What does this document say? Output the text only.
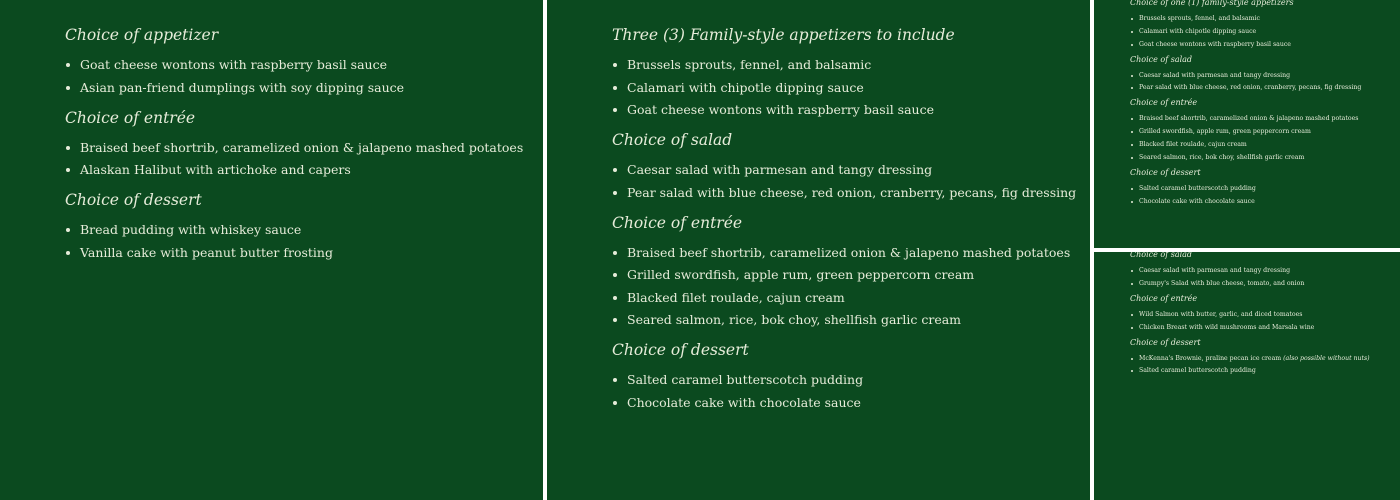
Choice of appetizer
Goat cheese wontons with raspberry basil sauce
Asian pan-friend dumplings with soy dipping sauce
Choice of entrée
Braised beef shortrib, caramelized onion & jalapeno mashed potatoes
Alaskan Halibut with artichoke and capers
Choice of dessert
Bread pudding with whiskey sauce
Vanilla cake with peanut butter frosting
Three (3) Family-style appetizers to include
Brussels sprouts, fennel, and balsamic
Calamari with chipotle dipping sauce
Goat cheese wontons with raspberry basil sauce
Choice of salad
Caesar salad with parmesan and tangy dressing
Pear salad with blue cheese, red onion, cranberry, pecans, fig dressing
Choice of entrée
Braised beef shortrib, caramelized onion & jalapeno mashed potatoes
Grilled swordfish, apple rum, green peppercorn cream
Blacked filet roulade, cajun cream
Seared salmon, rice, bok choy, shellfish garlic cream
Choice of dessert
Salted caramel butterscotch pudding
Chocolate cake with chocolate sauce
Choice of one (1) family-style appetizers
Brussels sprouts, fennel, and balsamic
Calamari with chipotle dipping sauce
Goat cheese wontons with raspberry basil sauce
Choice of salad
Caesar salad with parmesan and tangy dressing
Pear salad with blue cheese, red onion, cranberry, pecans, fig dressing
Choice of entrée
Braised beef shortrib, caramelized onion & jalapeno mashed potatoes
Grilled swordfish, apple rum, green peppercorn cream
Blacked filet roulade, cajun cream
Seared salmon, rice, bok choy, shellfish garlic cream
Choice of dessert
Salted caramel butterscotch pudding
Chocolate cake with chocolate sauce
Choice of salad
Caesar salad with parmesan and tangy dressing
Grumpy's Salad with blue cheese, tomato, and onion
Choice of entrée
Wild Salmon with butter, garlic, and diced tomatoes
Chicken Breast with wild mushrooms and Marsala wine
Choice of dessert
McKenna's Brownie, praline pecan ice cream (also possible without nuts)
Salted caramel butterscotch pudding
